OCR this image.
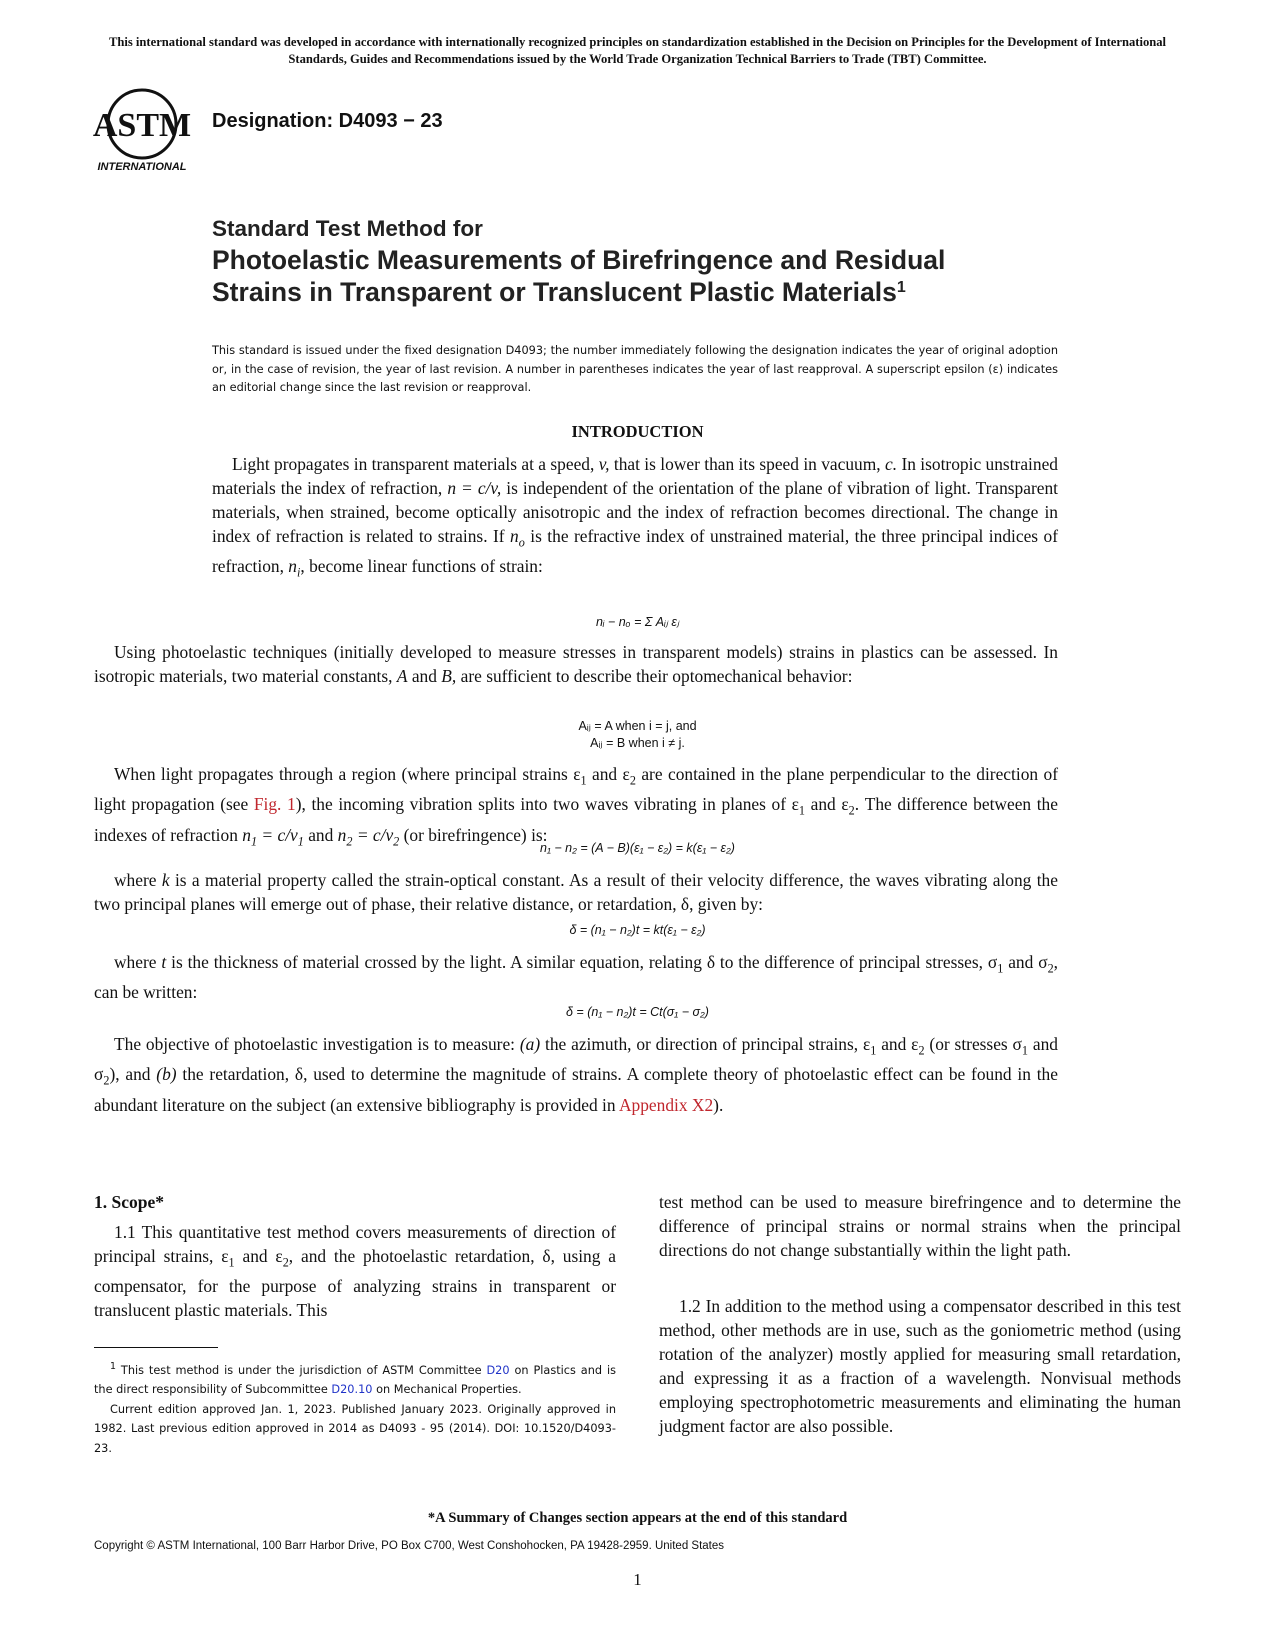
This international standard was developed in accordance with internationally recognized principles on standardization established in the Decision on Principles for the Development of International Standards, Guides and Recommendations issued by the World Trade Organization Technical Barriers to Trade (TBT) Committee.
ASTM
INTERNATIONAL
Designation: D4093 − 23
Standard Test Method for
Photoelastic Measurements of Birefringence and Residual
Strains in Transparent or Translucent Plastic Materials$^1$
This standard is issued under the fixed designation D4093; the number immediately following the designation indicates the year of original adoption or, in the case of revision, the year of last revision. A number in parentheses indicates the year of last reapproval. A superscript epsilon (ε) indicates an editorial change since the last revision or reapproval.
INTRODUCTION
Light propagates in transparent materials at a speed, v, that is lower than its speed in vacuum, c. In isotropic unstrained materials the index of refraction, n = c/v, is independent of the orientation of the plane of vibration of light. Transparent materials, when strained, become optically anisotropic and the index of refraction becomes directional. The change in index of refraction is related to strains. If $n_o$ is the refractive index of unstrained material, the three principal indices of refraction, $n_i$, become linear functions of strain:
nᵢ − nₒ = Σ Aᵢⱼ εⱼ
Using photoelastic techniques (initially developed to measure stresses in transparent models) strains in plastics can be assessed. In isotropic materials, two material constants, A and B, are sufficient to describe their optomechanical behavior:
Aᵢⱼ = A when i = j, and
Aᵢⱼ = B when i ≠ j.
When light propagates through a region (where principal strains $\varepsilon_1$ and $\varepsilon_2$ are contained in the plane perpendicular to the direction of light propagation (see Fig. 1), the incoming vibration splits into two waves vibrating in planes of $\varepsilon_1$ and $\varepsilon_2$. The difference between the indexes of refraction $n_1 = c/v_1$ and $n_2 = c/v_2$ (or birefringence) is:
n₁ − n₂ = (A − B)(ε₁ − ε₂) = k(ε₁ − ε₂)
where k is a material property called the strain-optical constant. As a result of their velocity difference, the waves vibrating along the two principal planes will emerge out of phase, their relative distance, or retardation, δ, given by:
δ = (n₁ − n₂)t = kt(ε₁ − ε₂)
where t is the thickness of material crossed by the light. A similar equation, relating δ to the difference of principal stresses, $\sigma_1$ and $\sigma_2$, can be written:
δ = (n₁ − n₂)t = Ct(σ₁ − σ₂)
The objective of photoelastic investigation is to measure: (a) the azimuth, or direction of principal strains, $\varepsilon_1$ and $\varepsilon_2$ (or stresses $\sigma_1$ and $\sigma_2$), and (b) the retardation, δ, used to determine the magnitude of strains. A complete theory of photoelastic effect can be found in the abundant literature on the subject (an extensive bibliography is provided in Appendix X2).
1. Scope*
1.1 This quantitative test method covers measurements of direction of principal strains, $\varepsilon_1$ and $\varepsilon_2$, and the photoelastic retardation, δ, using a compensator, for the purpose of analyzing strains in transparent or translucent plastic materials. This
test method can be used to measure birefringence and to determine the difference of principal strains or normal strains when the principal directions do not change substantially within the light path.
1.2 In addition to the method using a compensator described in this test method, other methods are in use, such as the goniometric method (using rotation of the analyzer) mostly applied for measuring small retardation, and expressing it as a fraction of a wavelength. Nonvisual methods employing spectrophotometric measurements and eliminating the human judgment factor are also possible.

$^1$ This test method is under the jurisdiction of ASTM Committee D20 on Plastics and is the direct responsibility of Subcommittee D20.10 on Mechanical Properties.

Current edition approved Jan. 1, 2023. Published January 2023. Originally approved in 1982. Last previous edition approved in 2014 as D4093 - 95 (2014). DOI: 10.1520/D4093-23.

*A Summary of Changes section appears at the end of this standard
Copyright © ASTM International, 100 Barr Harbor Drive, PO Box C700, West Conshohocken, PA 19428-2959. United States
1
